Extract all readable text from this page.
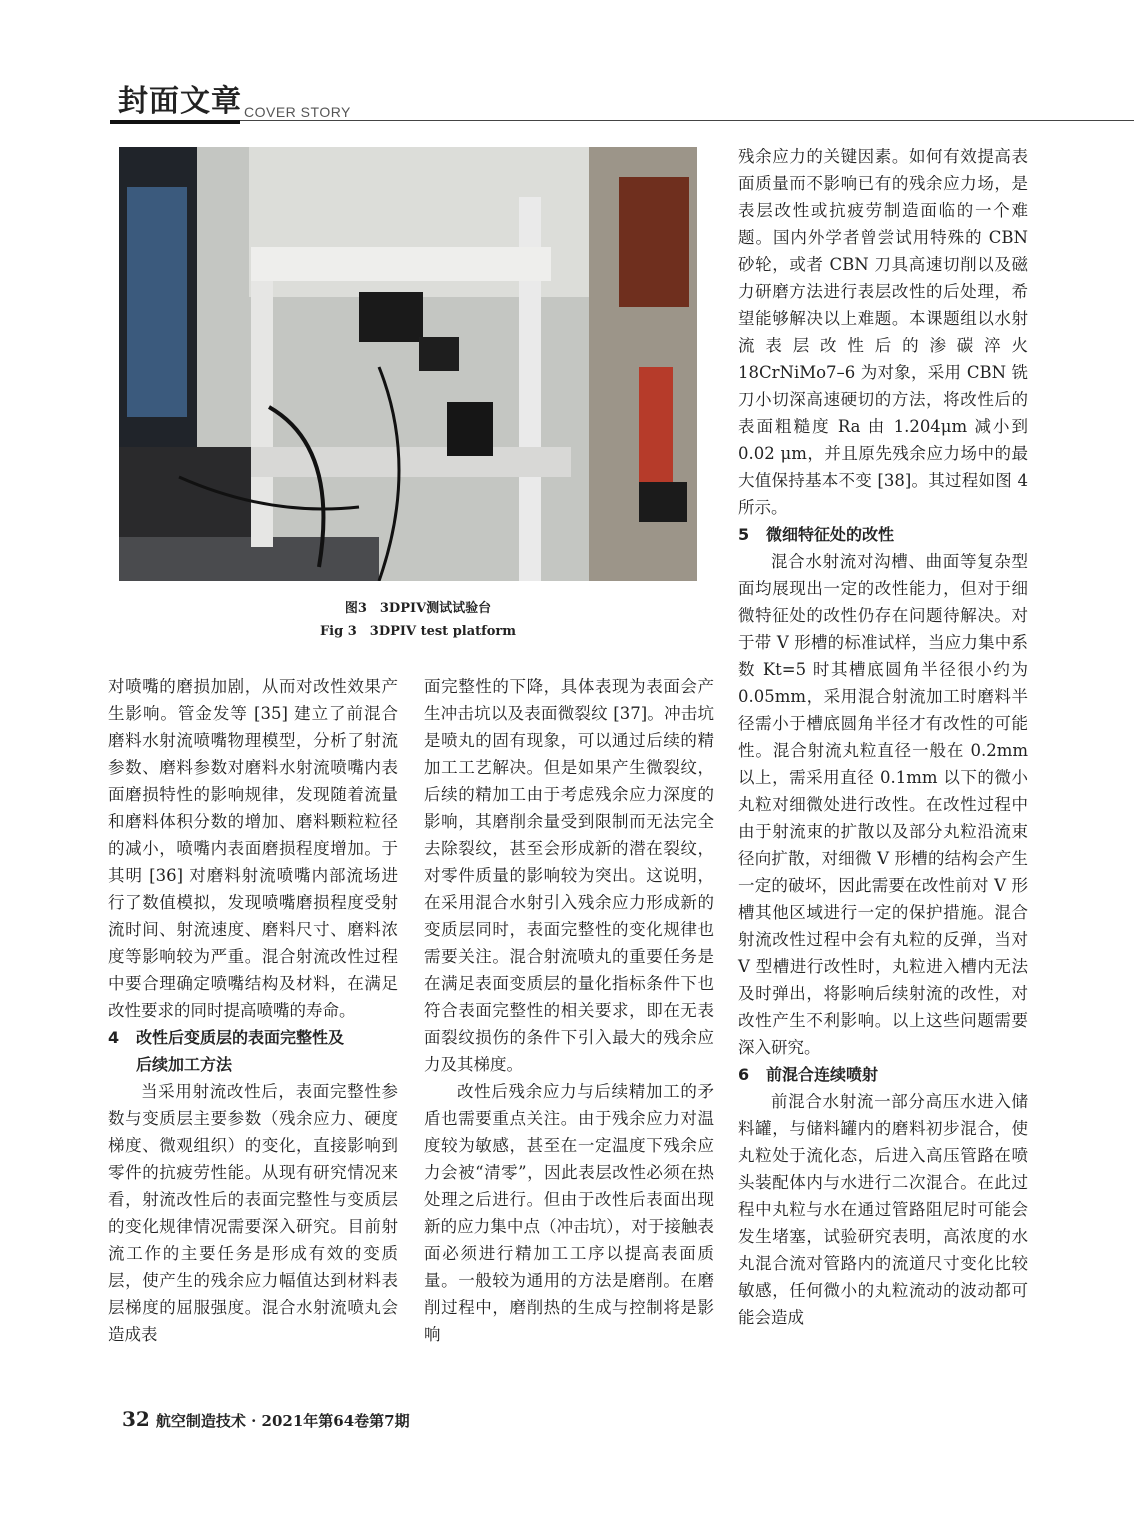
封面文章 COVER STORY
图3　3DPIV测试试验台
Fig 3　3DPIV test platform

对喷嘴的磨损加剧，从而对改性效果产生影响。管金发等 [35] 建立了前混合磨料水射流喷嘴物理模型，分析了射流参数、磨料参数对磨料水射流喷嘴内表面磨损特性的影响规律，发现随着流量和磨料体积分数的增加、磨料颗粒粒径的减小，喷嘴内表面磨损程度增加。于其明 [36] 对磨料射流喷嘴内部流场进行了数值模拟，发现喷嘴磨损程度受射流时间、射流速度、磨料尺寸、磨料浓度等影响较为严重。混合射流改性过程中要合理确定喷嘴结构及材料，在满足改性要求的同时提高喷嘴的寿命。

4 改性后变质层的表面完整性及
后续加工方法

当采用射流改性后，表面完整性参数与变质层主要参数（残余应力、硬度梯度、微观组织）的变化，直接影响到零件的抗疲劳性能。从现有研究情况来看，射流改性后的表面完整性与变质层的变化规律情况需要深入研究。目前射流工作的主要任务是形成有效的变质层，使产生的残余应力幅值达到材料表层梯度的屈服强度。混合水射流喷丸会造成表

面完整性的下降，具体表现为表面会产生冲击坑以及表面微裂纹 [37]。冲击坑是喷丸的固有现象，可以通过后续的精加工工艺解决。但是如果产生微裂纹，后续的精加工由于考虑残余应力深度的影响，其磨削余量受到限制而无法完全去除裂纹，甚至会形成新的潜在裂纹，对零件质量的影响较为突出。这说明，在采用混合水射引入残余应力形成新的变质层同时，表面完整性的变化规律也需要关注。混合射流喷丸的重要任务是在满足表面变质层的量化指标条件下也符合表面完整性的相关要求，即在无表面裂纹损伤的条件下引入最大的残余应力及其梯度。

改性后残余应力与后续精加工的矛盾也需要重点关注。由于残余应力对温度较为敏感，甚至在一定温度下残余应力会被“清零”，因此表层改性必须在热处理之后进行。但由于改性后表面出现新的应力集中点（冲击坑），对于接触表面必须进行精加工工序以提高表面质量。一般较为通用的方法是磨削。在磨削过程中，磨削热的生成与控制将是影响

残余应力的关键因素。如何有效提高表面质量而不影响已有的残余应力场，是表层改性或抗疲劳制造面临的一个难题。国内外学者曾尝试用特殊的 CBN 砂轮，或者 CBN 刀具高速切削以及磁力研磨方法进行表层改性的后处理，希望能够解决以上难题。本课题组以水射流表层改性后的渗碳淬火 18CrNiMo7–6 为对象，采用 CBN 铣刀小切深高速硬切的方法，将改性后的表面粗糙度 Ra 由 1.204μm 减小到 0.02 μm，并且原先残余应力场中的最大值保持基本不变 [38]。其过程如图 4 所示。

5 微细特征处的改性

混合水射流对沟槽、曲面等复杂型面均展现出一定的改性能力，但对于细微特征处的改性仍存在问题待解决。对于带 V 形槽的标准试样，当应力集中系数 Kt=5 时其槽底圆角半径很小约为 0.05mm，采用混合射流加工时磨料半径需小于槽底圆角半径才有改性的可能性。混合射流丸粒直径一般在 0.2mm 以上，需采用直径 0.1mm 以下的微小丸粒对细微处进行改性。在改性过程中由于射流束的扩散以及部分丸粒沿流束径向扩散，对细微 V 形槽的结构会产生一定的破坏，因此需要在改性前对 V 形槽其他区域进行一定的保护措施。混合射流改性过程中会有丸粒的反弹，当对 V 型槽进行改性时，丸粒进入槽内无法及时弹出，将影响后续射流的改性，对改性产生不利影响。以上这些问题需要深入研究。

6 前混合连续喷射

前混合水射流一部分高压水进入储料罐，与储料罐内的磨料初步混合，使丸粒处于流化态，后进入高压管路在喷头装配体内与水进行二次混合。在此过程中丸粒与水在通过管路阻尼时可能会发生堵塞，试验研究表明，高浓度的水丸混合流对管路内的流道尺寸变化比较敏感，任何微小的丸粒流动的波动都可能会造成

32 航空制造技术 · 2021年第64卷第7期
